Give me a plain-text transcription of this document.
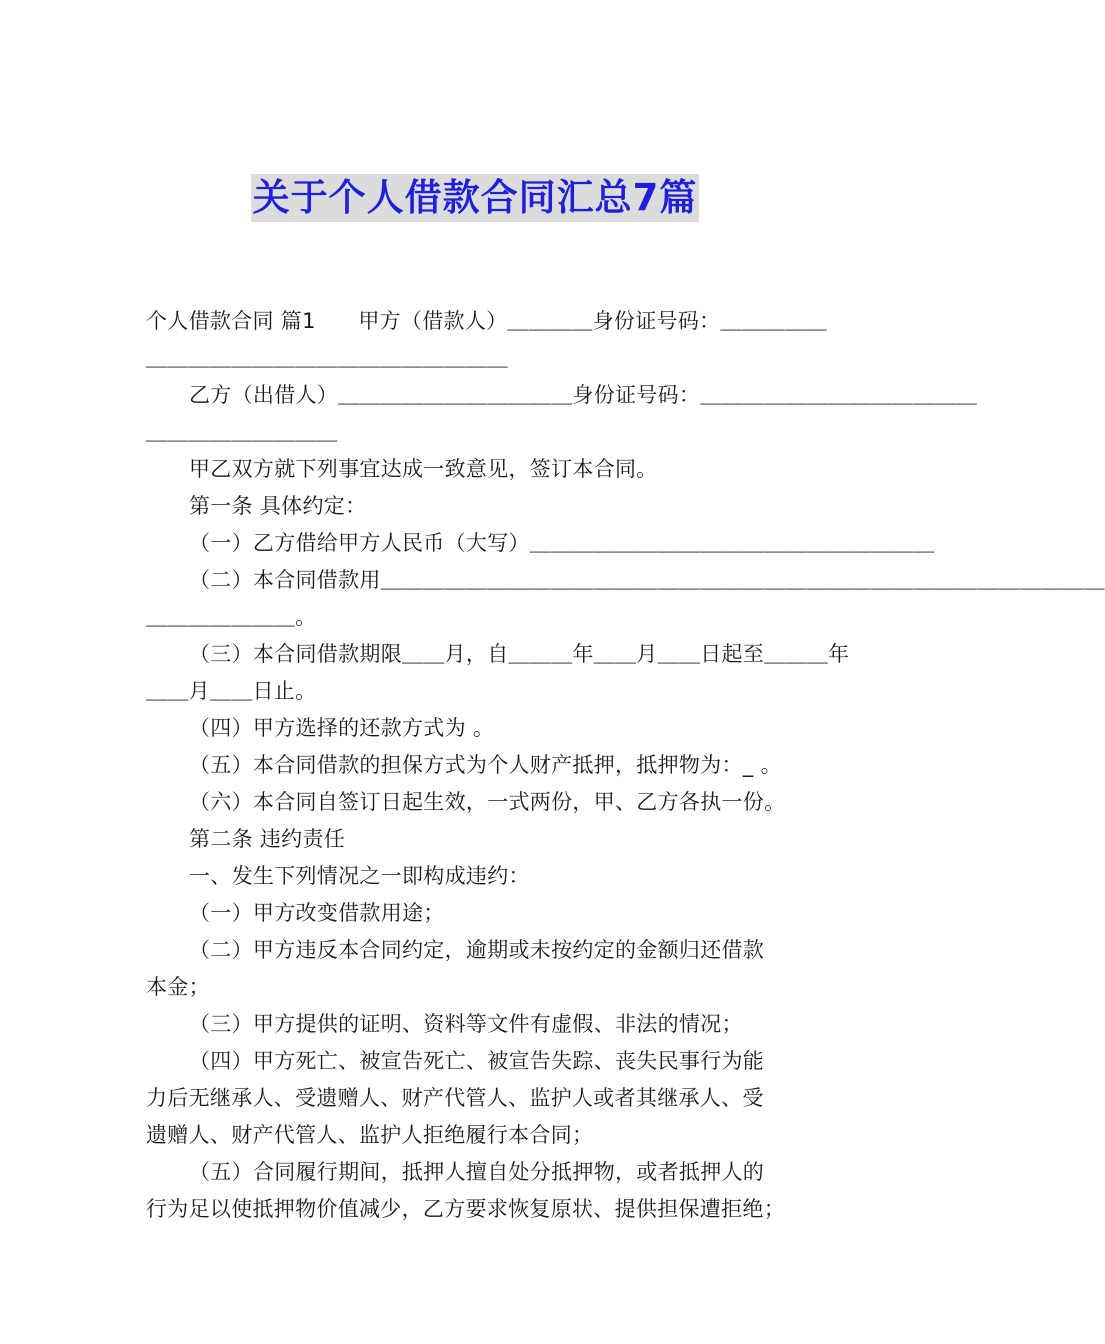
关于个人借款合同汇总7篇

个人借款合同 篇1　　甲方（借款人）＿＿＿＿身份证号码：＿＿＿＿＿

＿＿＿＿＿＿＿＿＿＿＿＿＿＿＿＿＿

乙方（出借人）＿＿＿＿＿＿＿＿＿＿＿身份证号码：＿＿＿＿＿＿＿＿＿＿＿＿＿

＿＿＿＿＿＿＿＿＿

甲乙双方就下列事宜达成一致意见，签订本合同。

第一条 具体约定：

（一）乙方借给甲方人民币（大写）＿＿＿＿＿＿＿＿＿＿＿＿＿＿＿＿＿＿＿

（二）本合同借款用＿＿＿＿＿＿＿＿＿＿＿＿＿＿＿＿＿＿＿＿＿＿＿＿＿＿＿＿＿＿＿＿＿＿

＿＿＿＿＿＿＿。

（三）本合同借款期限＿＿月，自＿＿＿年＿＿月＿＿日起至＿＿＿年

＿＿月＿＿日止。

（四）甲方选择的还款方式为 。

（五）本合同借款的担保方式为个人财产抵押，抵押物为：_ 。

（六）本合同自签订日起生效，一式两份，甲、乙方各执一份。

第二条 违约责任

一、发生下列情况之一即构成违约：

（一）甲方改变借款用途；

（二）甲方违反本合同约定，逾期或未按约定的金额归还借款

本金；

（三）甲方提供的证明、资料等文件有虚假、非法的情况；

（四）甲方死亡、被宣告死亡、被宣告失踪、丧失民事行为能

力后无继承人、受遗赠人、财产代管人、监护人或者其继承人、受

遗赠人、财产代管人、监护人拒绝履行本合同；

（五）合同履行期间，抵押人擅自处分抵押物，或者抵押人的

行为足以使抵押物价值减少，乙方要求恢复原状、提供担保遭拒绝；
